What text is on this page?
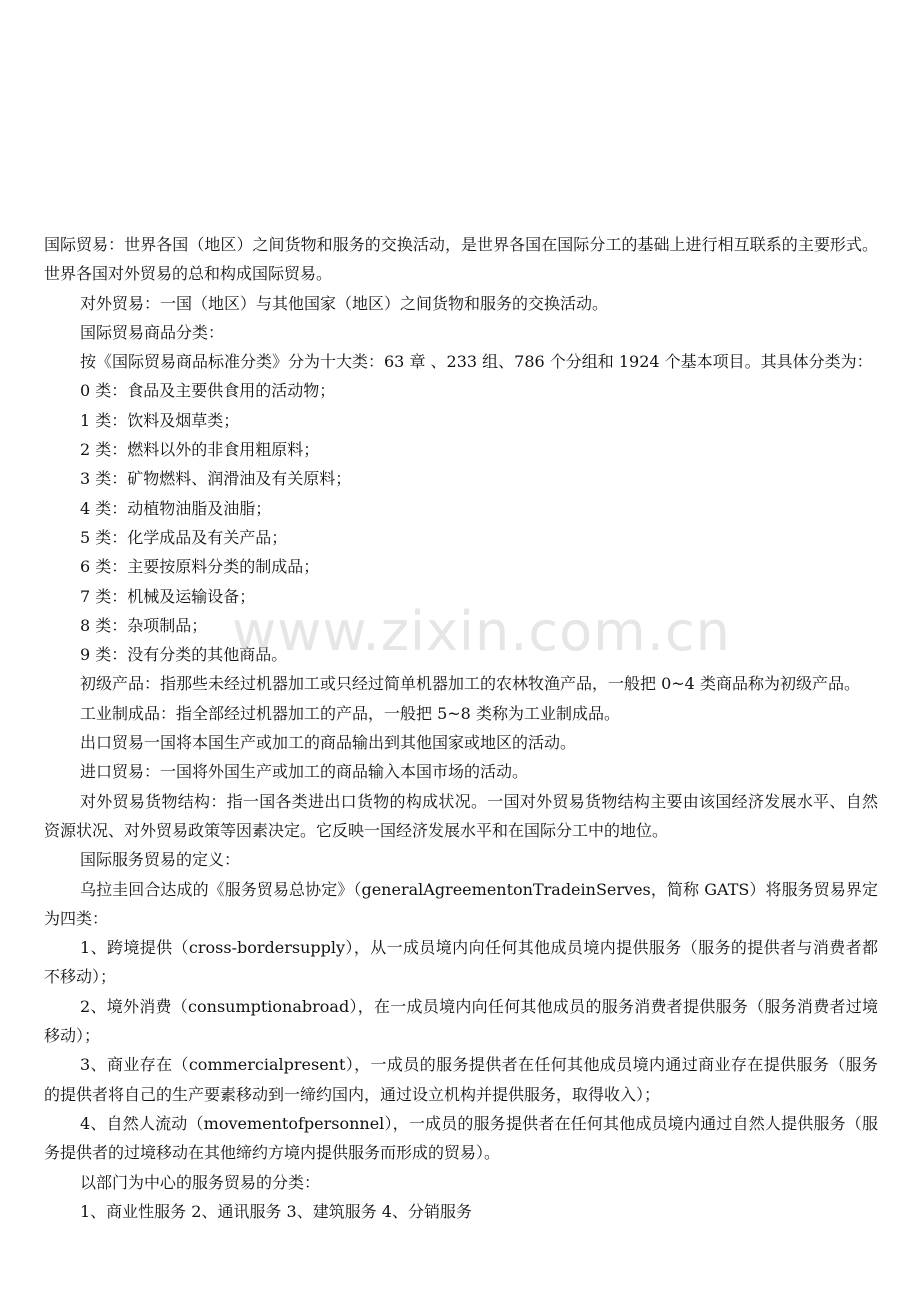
国际贸易：世界各国（地区）之间货物和服务的交换活动，是世界各国在国际分工的基础上进行相互联系的主要形式。世界各国对外贸易的总和构成国际贸易。

对外贸易：一国（地区）与其他国家（地区）之间货物和服务的交换活动。

国际贸易商品分类：

按《国际贸易商品标准分类》分为十大类：63 章 、233 组、786 个分组和 1924 个基本项目。其具体分类为：

0 类：食品及主要供食用的活动物；

1 类：饮料及烟草类；

2 类：燃料以外的非食用粗原料；

3 类：矿物燃料、润滑油及有关原料；

4 类：动植物油脂及油脂；

5 类：化学成品及有关产品；

6 类：主要按原料分类的制成品；

7 类：机械及运输设备；

8 类：杂项制品；

9 类：没有分类的其他商品。

初级产品：指那些未经过机器加工或只经过简单机器加工的农林牧渔产品，一般把 0~4 类商品称为初级产品。

工业制成品：指全部经过机器加工的产品，一般把 5~8 类称为工业制成品。

出口贸易一国将本国生产或加工的商品输出到其他国家或地区的活动。

进口贸易：一国将外国生产或加工的商品输入本国市场的活动。

对外贸易货物结构：指一国各类进出口货物的构成状况。一国对外贸易货物结构主要由该国经济发展水平、自然资源状况、对外贸易政策等因素决定。它反映一国经济发展水平和在国际分工中的地位。

国际服务贸易的定义：

乌拉圭回合达成的《服务贸易总协定》（generalAgreementonTradeinServes，简称 GATS）将服务贸易界定为四类：

1、跨境提供（cross-bordersupply），从一成员境内向任何其他成员境内提供服务（服务的提供者与消费者都不移动）；

2、境外消费（consumptionabroad），在一成员境内向任何其他成员的服务消费者提供服务（服务消费者过境移动）；

3、商业存在（commercialpresent），一成员的服务提供者在任何其他成员境内通过商业存在提供服务（服务的提供者将自己的生产要素移动到一缔约国内，通过设立机构并提供服务，取得收入）；

4、自然人流动（movementofpersonnel），一成员的服务提供者在任何其他成员境内通过自然人提供服务（服务提供者的过境移动在其他缔约方境内提供服务而形成的贸易）。

以部门为中心的服务贸易的分类：

1、商业性服务 2、通讯服务 3、建筑服务 4、分销服务

www.zixin.com.cn
